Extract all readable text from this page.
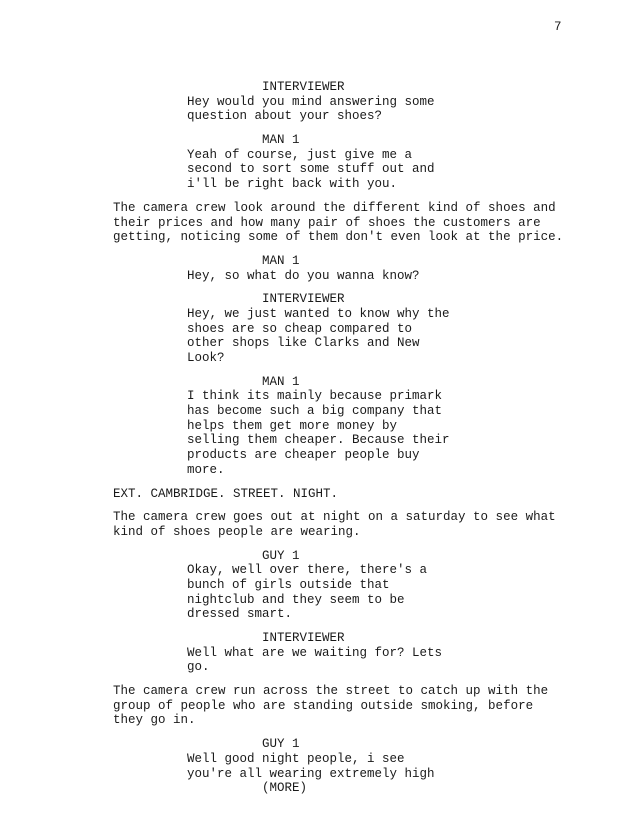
7
INTERVIEWER
Hey would you mind answering some
question about your shoes?
MAN 1
Yeah of course, just give me a
second to sort some stuff out and
i'll be right back with you.
The camera crew look around the different kind of shoes and
their prices and how many pair of shoes the customers are
getting, noticing some of them don't even look at the price.
MAN 1
Hey, so what do you wanna know?
INTERVIEWER
Hey, we just wanted to know why the
shoes are so cheap compared to
other shops like Clarks and New
Look?
MAN 1
I think its mainly because primark
has become such a big company that
helps them get more money by
selling them cheaper. Because their
products are cheaper people buy
more.
EXT. CAMBRIDGE. STREET. NIGHT.
The camera crew goes out at night on a saturday to see what
kind of shoes people are wearing.
GUY 1
Okay, well over there, there's a
bunch of girls outside that
nightclub and they seem to be
dressed smart.
INTERVIEWER
Well what are we waiting for? Lets
go.
The camera crew run across the street to catch up with the
group of people who are standing outside smoking, before
they go in.
GUY 1
Well good night people, i see
you're all wearing extremely high
(MORE)
